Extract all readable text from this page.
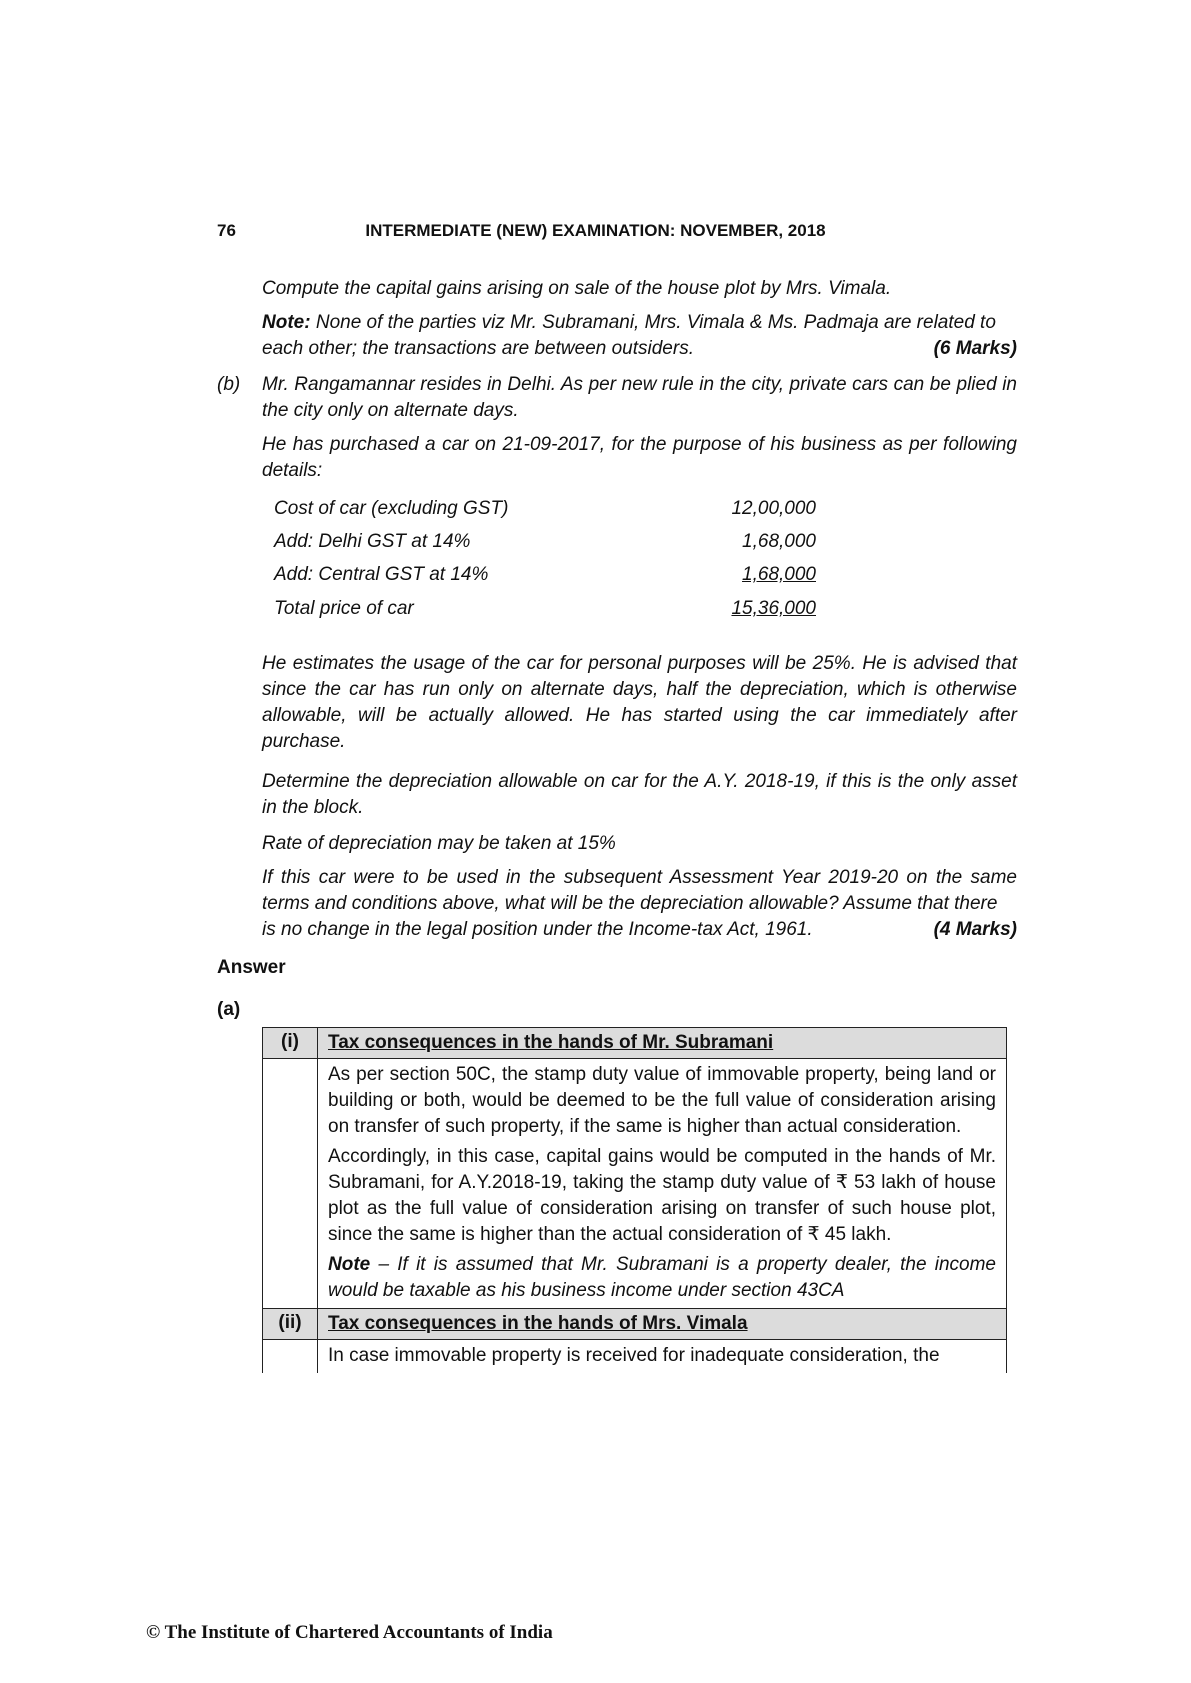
76	INTERMEDIATE (NEW) EXAMINATION: NOVEMBER, 2018
Compute the capital gains arising on sale of the house plot by Mrs. Vimala.
Note: None of the parties viz Mr. Subramani, Mrs. Vimala & Ms. Padmaja are related to
each other; the transactions are between outsiders.	(6 Marks)
(b) Mr. Rangamannar resides in Delhi. As per new rule in the city, private cars can be plied in the city only on alternate days.
He has purchased a car on 21-09-2017, for the purpose of his business as per following details:
Cost of car (excluding GST)	12,00,000
Add: Delhi GST at 14%	1,68,000
Add: Central GST at 14%	1,68,000
Total price of car	15,36,000
He estimates the usage of the car for personal purposes will be 25%. He is advised that since the car has run only on alternate days, half the depreciation, which is otherwise allowable, will be actually allowed. He has started using the car immediately after purchase.
Determine the depreciation allowable on car for the A.Y. 2018-19, if this is the only asset in the block.
Rate of depreciation may be taken at 15%
If this car were to be used in the subsequent Assessment Year 2019-20 on the same terms and conditions above, what will be the depreciation allowable? Assume that there
is no change in the legal position under the Income-tax Act, 1961.	(4 Marks)
Answer
(a)
(i)	Tax consequences in the hands of Mr. Subramani

	As per section 50C, the stamp duty value of immovable property, being land or building or both, would be deemed to be the full value of consideration arising on transfer of such property, if the same is higher than actual consideration.

Accordingly, in this case, capital gains would be computed in the hands of Mr. Subramani, for A.Y.2018-19, taking the stamp duty value of ₹ 53 lakh of house plot as the full value of consideration arising on transfer of such house plot, since the same is higher than the actual consideration of ₹ 45 lakh.

Note – If it is assumed that Mr. Subramani is a property dealer, the income would be taxable as his business income under section 43CA

(ii)	Tax consequences in the hands of Mrs. Vimala

	In case immovable property is received for inadequate consideration, the

© The Institute of Chartered Accountants of India
